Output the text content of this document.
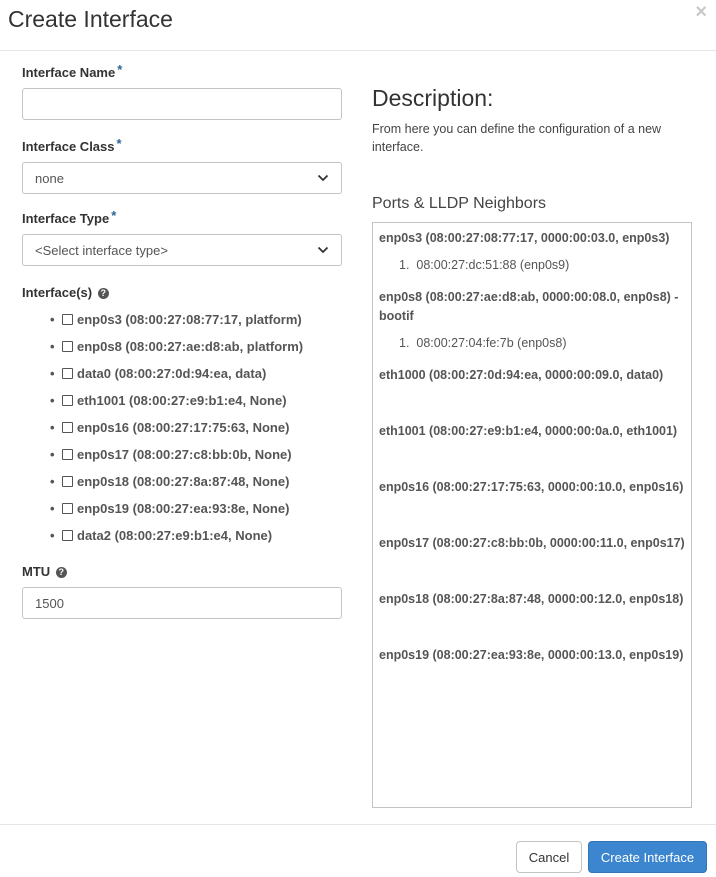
Create Interface	×
Interface Name *
Interface Class *
none
Interface Type *
<Select interface type>
Interface(s) ?
•	enp0s3 (08:00:27:08:77:17, platform)
•	enp0s8 (08:00:27:ae:d8:ab, platform)
•	data0 (08:00:27:0d:94:ea, data)
•	eth1001 (08:00:27:e9:b1:e4, None)
•	enp0s16 (08:00:27:17:75:63, None)
•	enp0s17 (08:00:27:c8:bb:0b, None)
•	enp0s18 (08:00:27:8a:87:48, None)
•	enp0s19 (08:00:27:ea:93:8e, None)
•	data2 (08:00:27:e9:b1:e4, None)
MTU ?
1500
Description:

From here you can define the configuration of a new interface.

Ports & LLDP Neighbors
enp0s3 (08:00:27:08:77:17, 0000:00:03.0, enp0s3)
1.  08:00:27:dc:51:88 (enp0s9)
enp0s8 (08:00:27:ae:d8:ab, 0000:00:08.0, enp0s8) - bootif
1.  08:00:27:04:fe:7b (enp0s8)
eth1000 (08:00:27:0d:94:ea, 0000:00:09.0, data0)
eth1001 (08:00:27:e9:b1:e4, 0000:00:0a.0, eth1001)
enp0s16 (08:00:27:17:75:63, 0000:00:10.0, enp0s16)
enp0s17 (08:00:27:c8:bb:0b, 0000:00:11.0, enp0s17)
enp0s18 (08:00:27:8a:87:48, 0000:00:12.0, enp0s18)
enp0s19 (08:00:27:ea:93:8e, 0000:00:13.0, enp0s19)
Cancel	Create Interface
